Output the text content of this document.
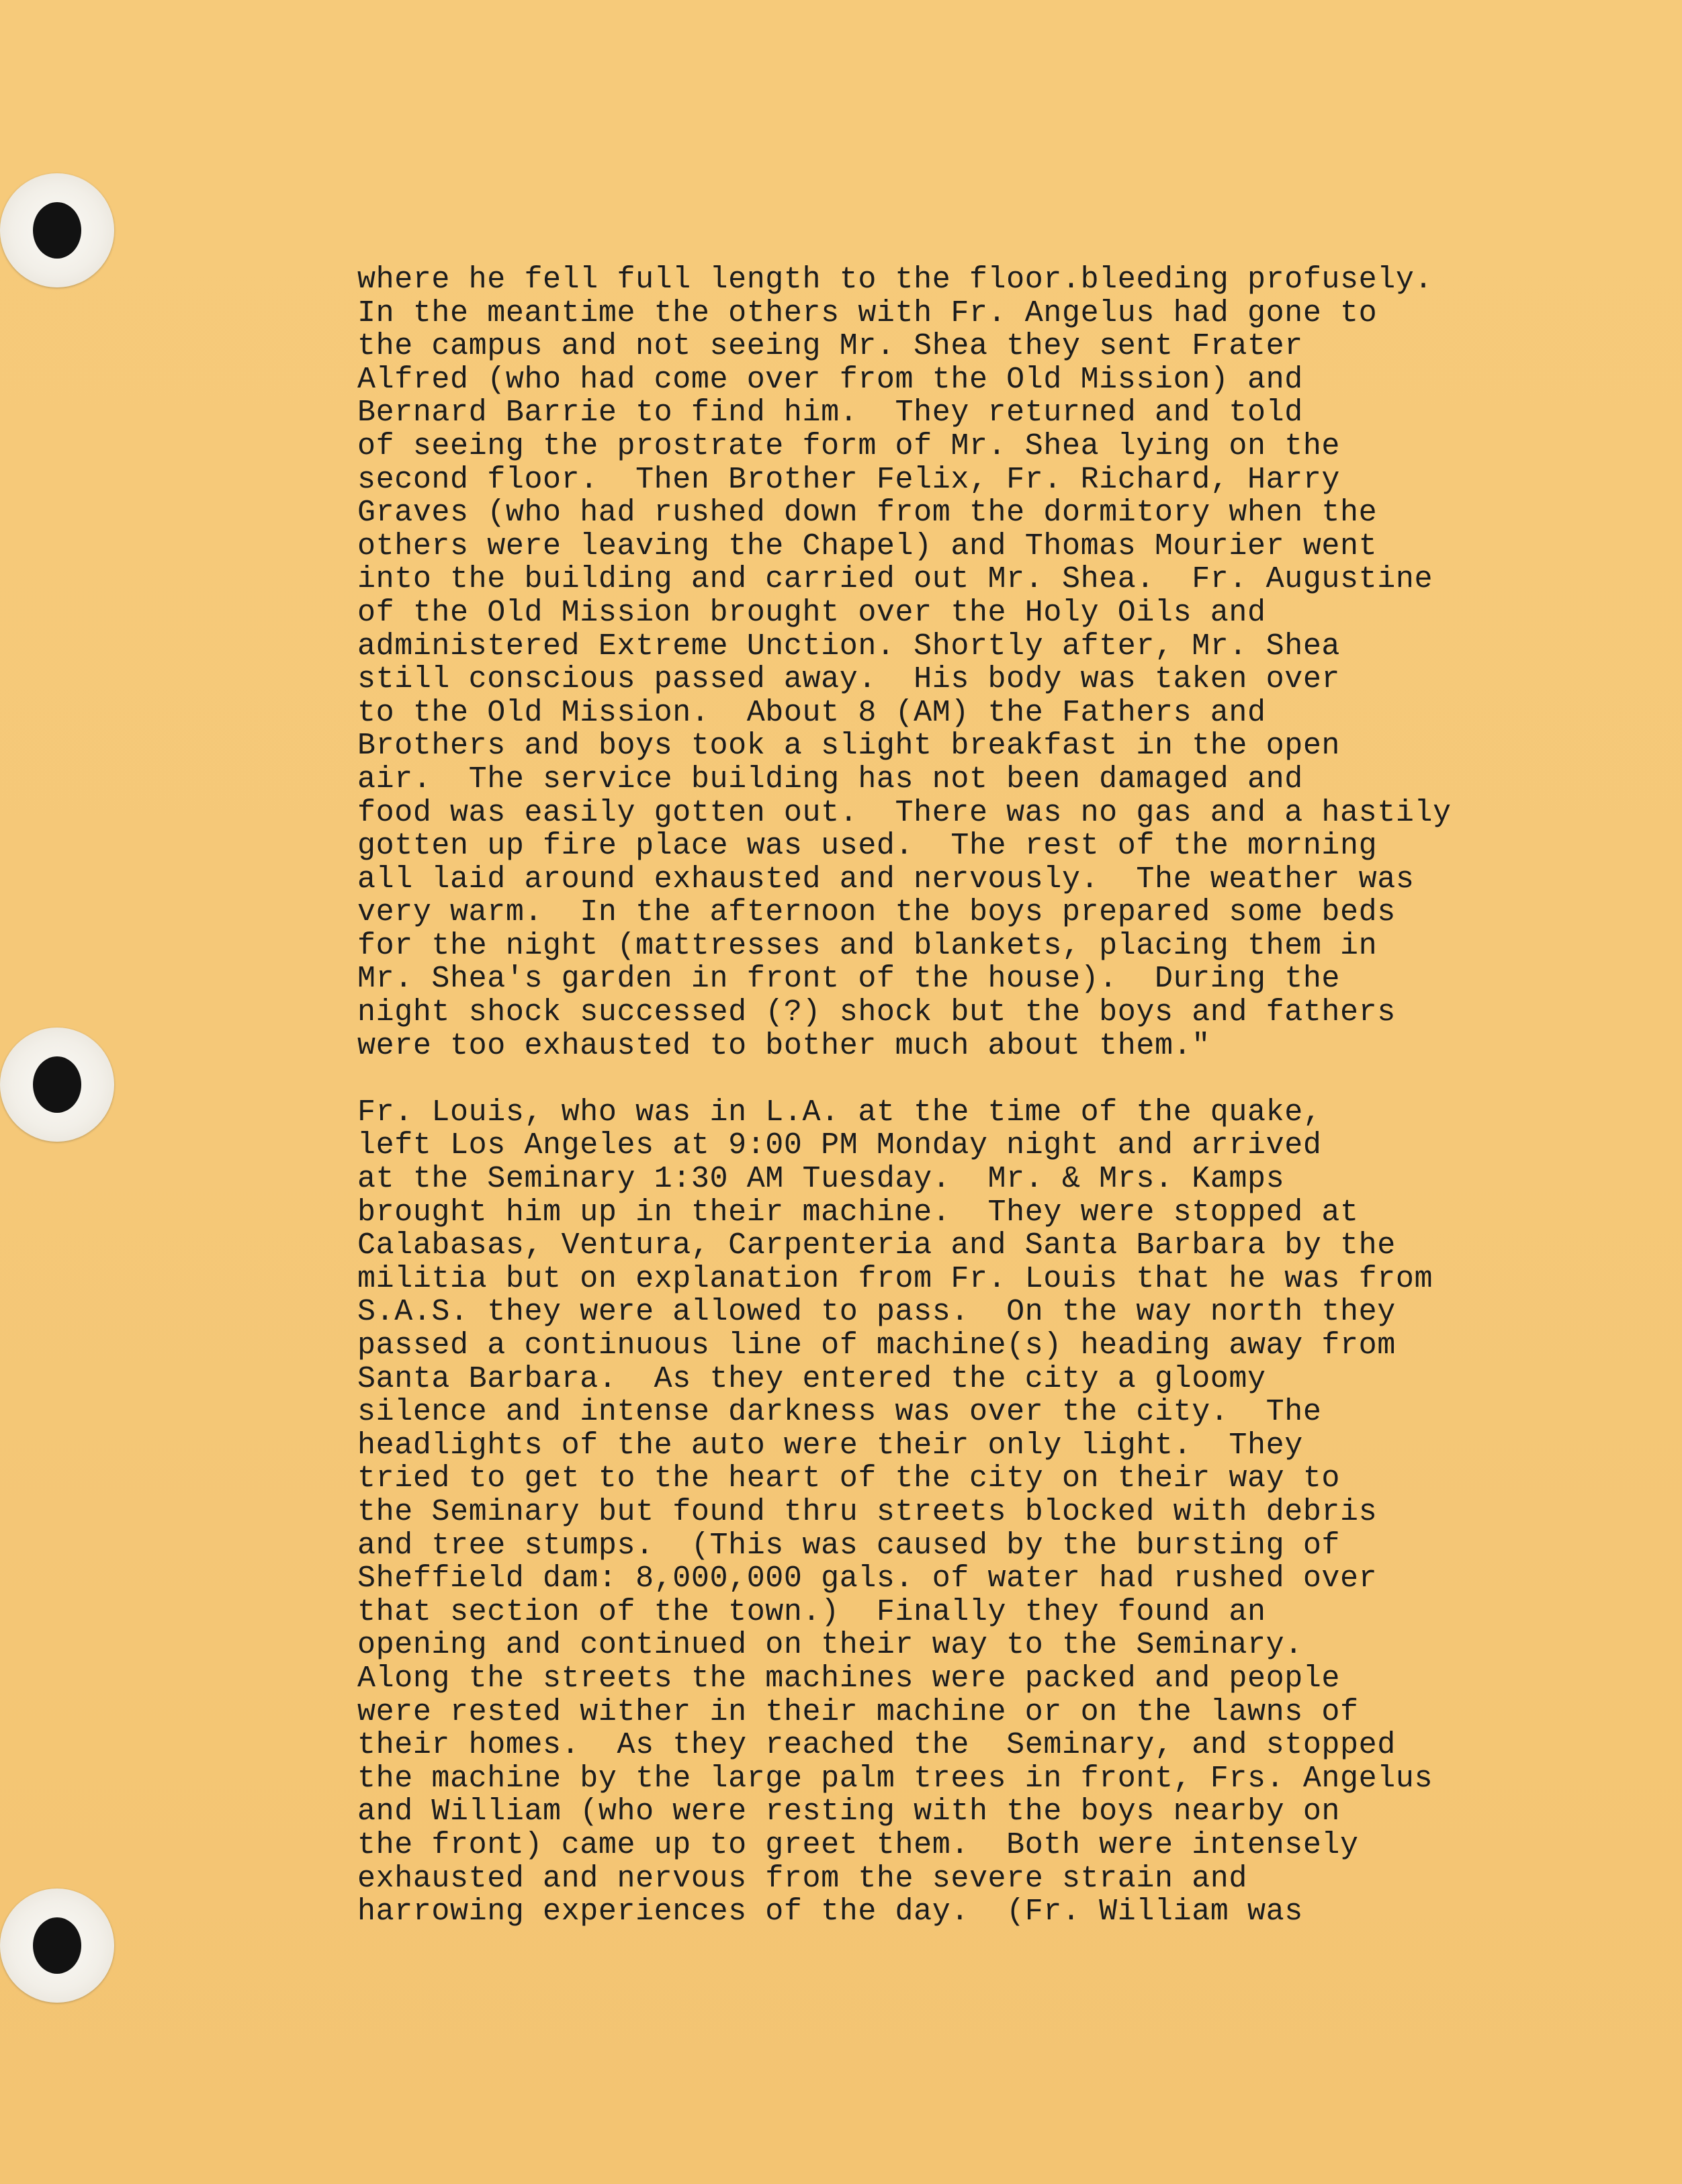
where he fell full length to the floor.bleeding profusely.
In the meantime the others with Fr. Angelus had gone to
the campus and not seeing Mr. Shea they sent Frater
Alfred (who had come over from the Old Mission) and
Bernard Barrie to find him.  They returned and told
of seeing the prostrate form of Mr. Shea lying on the
second floor.  Then Brother Felix, Fr. Richard, Harry
Graves (who had rushed down from the dormitory when the
others were leaving the Chapel) and Thomas Mourier went
into the building and carried out Mr. Shea.  Fr. Augustine
of the Old Mission brought over the Holy Oils and
administered Extreme Unction. Shortly after, Mr. Shea
still conscious passed away.  His body was taken over
to the Old Mission.  About 8 (AM) the Fathers and
Brothers and boys took a slight breakfast in the open
air.  The service building has not been damaged and
food was easily gotten out.  There was no gas and a hastily
gotten up fire place was used.  The rest of the morning
all laid around exhausted and nervously.  The weather was
very warm.  In the afternoon the boys prepared some beds
for the night (mattresses and blankets, placing them in
Mr. Shea's garden in front of the house).  During the
night shock successed (?) shock but the boys and fathers
were too exhausted to bother much about them."
Fr. Louis, who was in L.A. at the time of the quake,
left Los Angeles at 9:00 PM Monday night and arrived
at the Seminary 1:30 AM Tuesday.  Mr. & Mrs. Kamps
brought him up in their machine.  They were stopped at
Calabasas, Ventura, Carpenteria and Santa Barbara by the
militia but on explanation from Fr. Louis that he was from
S.A.S. they were allowed to pass.  On the way north they
passed a continuous line of machine(s) heading away from
Santa Barbara.  As they entered the city a gloomy
silence and intense darkness was over the city.  The
headlights of the auto were their only light.  They
tried to get to the heart of the city on their way to
the Seminary but found thru streets blocked with debris
and tree stumps.  (This was caused by the bursting of
Sheffield dam: 8,000,000 gals. of water had rushed over
that section of the town.)  Finally they found an
opening and continued on their way to the Seminary.
Along the streets the machines were packed and people
were rested wither in their machine or on the lawns of
their homes.  As they reached the  Seminary, and stopped
the machine by the large palm trees in front, Frs. Angelus
and William (who were resting with the boys nearby on
the front) came up to greet them.  Both were intensely
exhausted and nervous from the severe strain and
harrowing experiences of the day.  (Fr. William was
